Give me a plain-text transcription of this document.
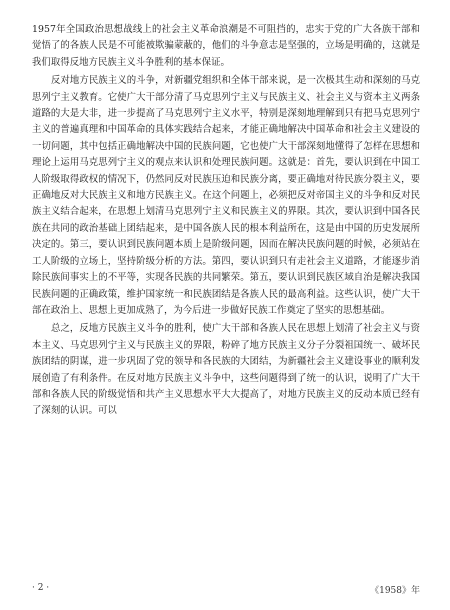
1957年全国政治思想战线上的社会主义革命浪潮是不可阻挡的，忠实于党的广大各族干部和觉悟了的各族人民是不可能被欺骗蒙蔽的，他们的斗争意志是坚强的，立场是明确的，这就是我们取得反地方民族主义斗争胜利的基本保证。

反对地方民族主义的斗争，对新疆党组织和全体干部来说，是一次极其生动和深刻的马克思列宁主义教育。它使广大干部分清了马克思列宁主义与民族主义、社会主义与资本主义两条道路的大是大非，进一步提高了马克思列宁主义水平，特别是深刻地理解到只有把马克思列宁主义的普遍真理和中国革命的具体实践结合起来，才能正确地解决中国革命和社会主义建设的一切问题，其中包括正确地解决中国的民族问题，它也使广大干部深刻地懂得了怎样在思想和理论上运用马克思列宁主义的观点来认识和处理民族问题。这就是：首先，要认识到在中国工人阶级取得政权的情况下，仍然同反对民族压迫和民族分离，要正确地对待民族分裂主义，要正确地反对大民族主义和地方民族主义。在这个问题上，必须把反对帝国主义的斗争和反对民族主义结合起来，在思想上划清马克思列宁主义和民族主义的界限。其次，要认识到中国各民族在共同的政治基础上团结起来，是中国各族人民的根本利益所在，这是由中国的历史发展所决定的。第三，要认识到民族问题本质上是阶级问题，因而在解决民族问题的时候，必须站在工人阶级的立场上，坚持阶级分析的方法。第四，要认识到只有走社会主义道路，才能逐步消除民族间事实上的不平等，实现各民族的共同繁荣。第五，要认识到民族区域自治是解决我国民族问题的正确政策，维护国家统一和民族团结是各族人民的最高利益。这些认识，使广大干部在政治上、思想上更加成熟了，为今后进一步做好民族工作奠定了坚实的思想基础。

总之，反地方民族主义斗争的胜利，使广大干部和各族人民在思想上划清了社会主义与资本主义、马克思列宁主义与民族主义的界限，粉碎了地方民族主义分子分裂祖国统一、破坏民族团结的阴谋，进一步巩固了党的领导和各民族的大团结，为新疆社会主义建设事业的顺利发展创造了有利条件。在反对地方民族主义斗争中，这些问题得到了统一的认识，说明了广大干部和各族人民的阶级觉悟和共产主义思想水平大大提高了，对地方民族主义的反动本质已经有了深刻的认识。可以

· 2 ·	《1958》年
